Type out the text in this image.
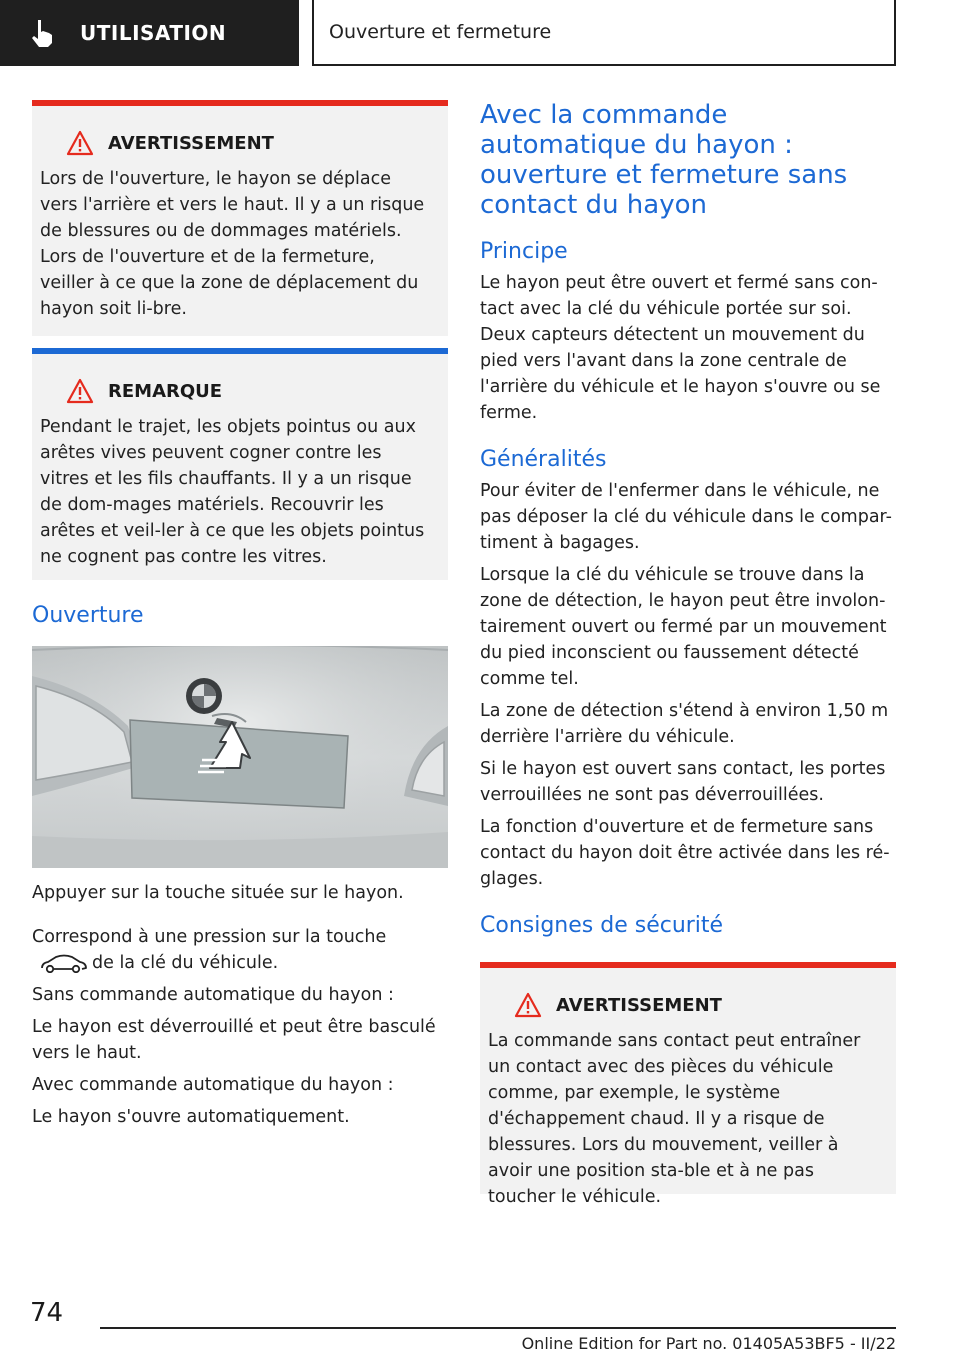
UTILISATION	Ouverture et fermeture
AVERTISSEMENT

Lors de l'ouverture, le hayon se déplace vers l'arrière et vers le haut. Il y a un risque de blessures ou de dommages matériels. Lors de l'ouverture et de la fermeture, veiller à ce que la zone de déplacement du hayon soit li-bre.

REMARQUE

Pendant le trajet, les objets pointus ou aux arêtes vives peuvent cogner contre les vitres et les fils chauffants. Il y a un risque de dom-mages matériels. Recouvrir les arêtes et veil-ler à ce que les objets pointus ne cognent pas contre les vitres.

Ouverture

Appuyer sur la touche située sur le hayon.

Correspond à une pression sur la touche
de la clé du véhicule.

Sans commande automatique du hayon :

Le hayon est déverrouillé et peut être basculé vers le haut.

Avec commande automatique du hayon :

Le hayon s'ouvre automatiquement.

Avec la commande automatique du hayon : ouverture et fermeture sans contact du hayon
Principe

Le hayon peut être ouvert et fermé sans con-tact avec la clé du véhicule portée sur soi. Deux capteurs détectent un mouvement du pied vers l'avant dans la zone centrale de l'arrière du véhicule et le hayon s'ouvre ou se ferme.

Généralités

Pour éviter de l'enfermer dans le véhicule, ne pas déposer la clé du véhicule dans le compar-timent à bagages.

Lorsque la clé du véhicule se trouve dans la zone de détection, le hayon peut être involon-tairement ouvert ou fermé par un mouvement du pied inconscient ou faussement détecté comme tel.

La zone de détection s'étend à environ 1,50 m derrière l'arrière du véhicule.

Si le hayon est ouvert sans contact, les portes verrouillées ne sont pas déverrouillées.

La fonction d'ouverture et de fermeture sans contact du hayon doit être activée dans les ré-glages.

Consignes de sécurité
AVERTISSEMENT

La commande sans contact peut entraîner un contact avec des pièces du véhicule comme, par exemple, le système d'échappement chaud. Il y a risque de blessures. Lors du mouvement, veiller à avoir une position sta-ble et à ne pas toucher le véhicule.

74
Online Edition for Part no. 01405A53BF5 - II/22
